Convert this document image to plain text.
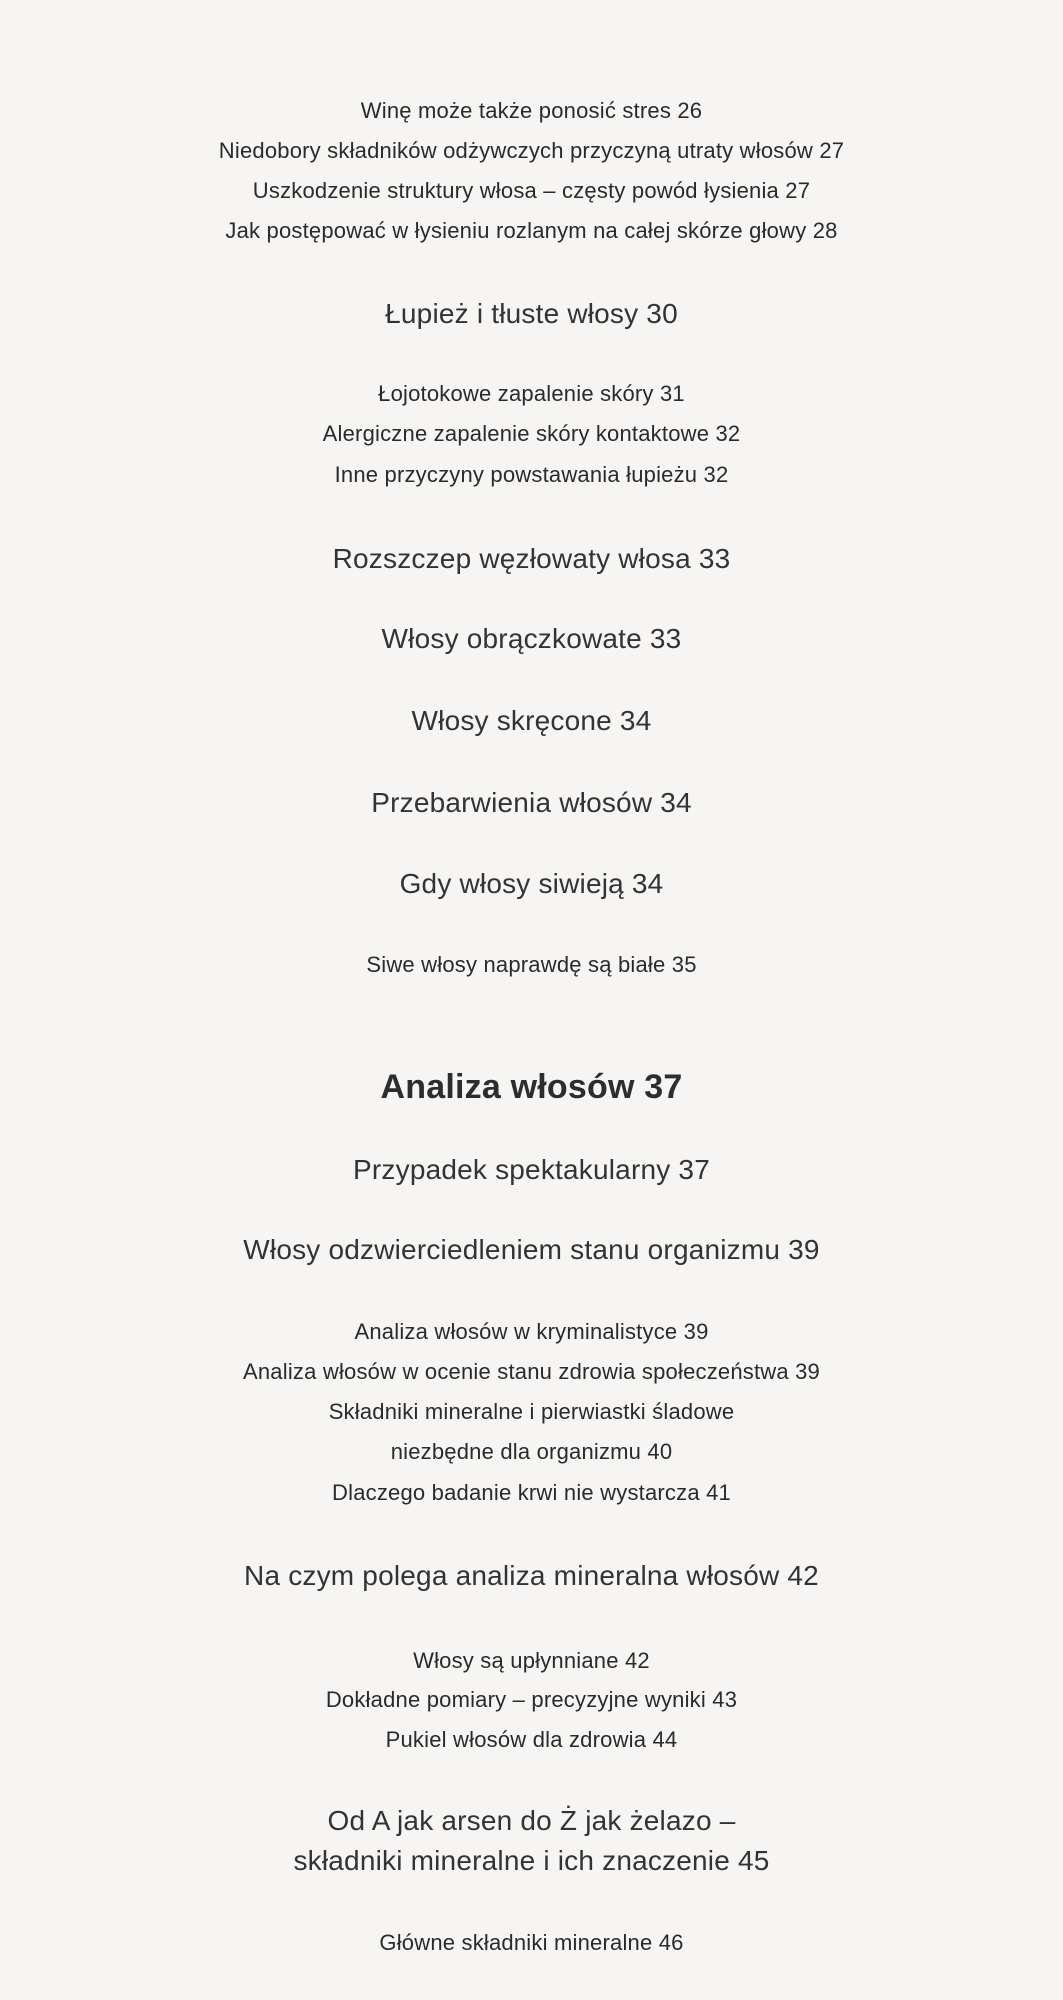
Winę może także ponosić stres 26
Niedobory składników odżywczych przyczyną utraty włosów 27
Uszkodzenie struktury włosa – częsty powód łysienia 27
Jak postępować w łysieniu rozlanym na całej skórze głowy 28
Łupież i tłuste włosy 30
Łojotokowe zapalenie skóry 31
Alergiczne zapalenie skóry kontaktowe 32
Inne przyczyny powstawania łupieżu 32
Rozszczep węzłowaty włosa 33
Włosy obrączkowate 33
Włosy skręcone 34
Przebarwienia włosów 34
Gdy włosy siwieją 34
Siwe włosy naprawdę są białe 35
Analiza włosów 37
Przypadek spektakularny 37
Włosy odzwierciedleniem stanu organizmu 39
Analiza włosów w kryminalistyce 39
Analiza włosów w ocenie stanu zdrowia społeczeństwa 39
Składniki mineralne i pierwiastki śladowe
niezbędne dla organizmu 40
Dlaczego badanie krwi nie wystarcza 41
Na czym polega analiza mineralna włosów 42
Włosy są upłynniane 42
Dokładne pomiary – precyzyjne wyniki 43
Pukiel włosów dla zdrowia 44
Od A jak arsen do Ż jak żelazo –
składniki mineralne i ich znaczenie 45
Główne składniki mineralne 46
